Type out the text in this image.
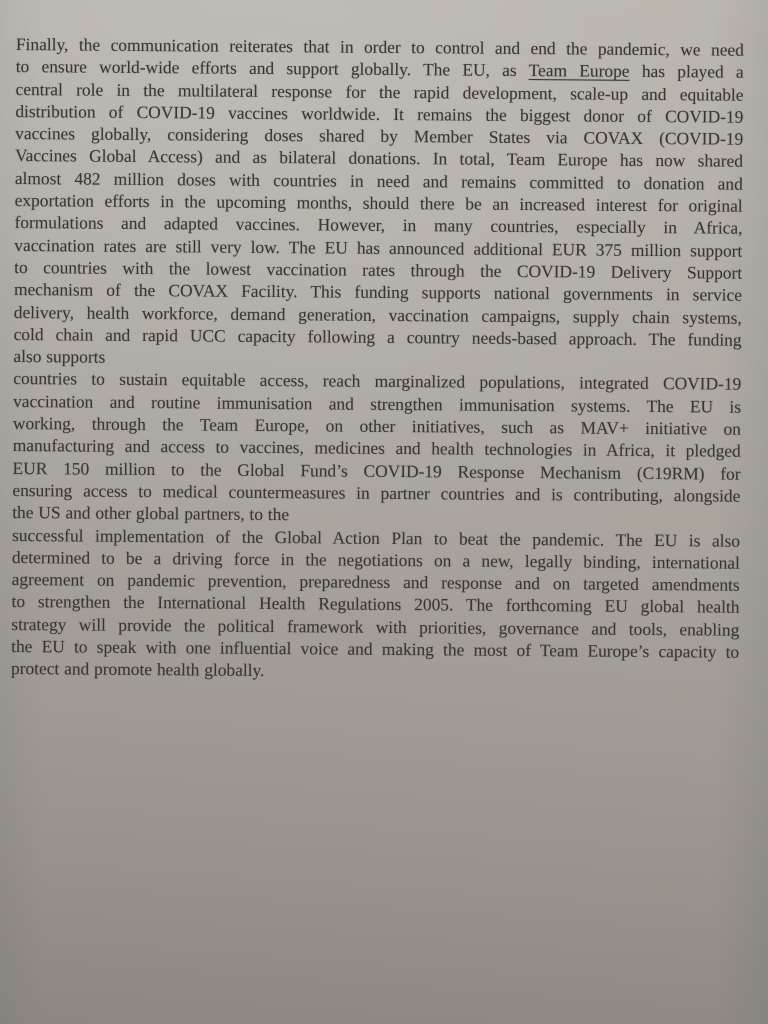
Finally, the communication reiterates that in order to control and end the pandemic, we need
to ensure world-wide efforts and support globally. The EU, as Team Europe has played a
central role in the multilateral response for the rapid development, scale-up and equitable
distribution of COVID-19 vaccines worldwide. It remains the biggest donor of COVID-19
vaccines globally, considering doses shared by Member States via COVAX (COVID-19
Vaccines Global Access) and as bilateral donations. In total, Team Europe has now shared
almost 482 million doses with countries in need and remains committed to donation and
exportation efforts in the upcoming months, should there be an increased interest for original
formulations and adapted vaccines. However, in many countries, especially in Africa,
vaccination rates are still very low. The EU has announced additional EUR 375 million support
to countries with the lowest vaccination rates through the COVID-19 Delivery Support
mechanism of the COVAX Facility. This funding supports national governments in service
delivery, health workforce, demand generation, vaccination campaigns, supply chain systems,
cold chain and rapid UCC capacity following a country needs-based approach. The funding
also supports
countries to sustain equitable access, reach marginalized populations, integrated COVID-19
vaccination and routine immunisation and strengthen immunisation systems. The EU is
working, through the Team Europe, on other initiatives, such as MAV+ initiative on
manufacturing and access to vaccines, medicines and health technologies in Africa, it pledged
EUR 150 million to the Global Fund’s COVID-19 Response Mechanism (C19RM) for
ensuring access to medical countermeasures in partner countries and is contributing, alongside
the US and other global partners, to the
successful implementation of the Global Action Plan to beat the pandemic. The EU is also
determined to be a driving force in the negotiations on a new, legally binding, international
agreement on pandemic prevention, preparedness and response and on targeted amendments
to strengthen the International Health Regulations 2005. The forthcoming EU global health
strategy will provide the political framework with priorities, governance and tools, enabling
the EU to speak with one influential voice and making the most of Team Europe’s capacity to
protect and promote health globally.
